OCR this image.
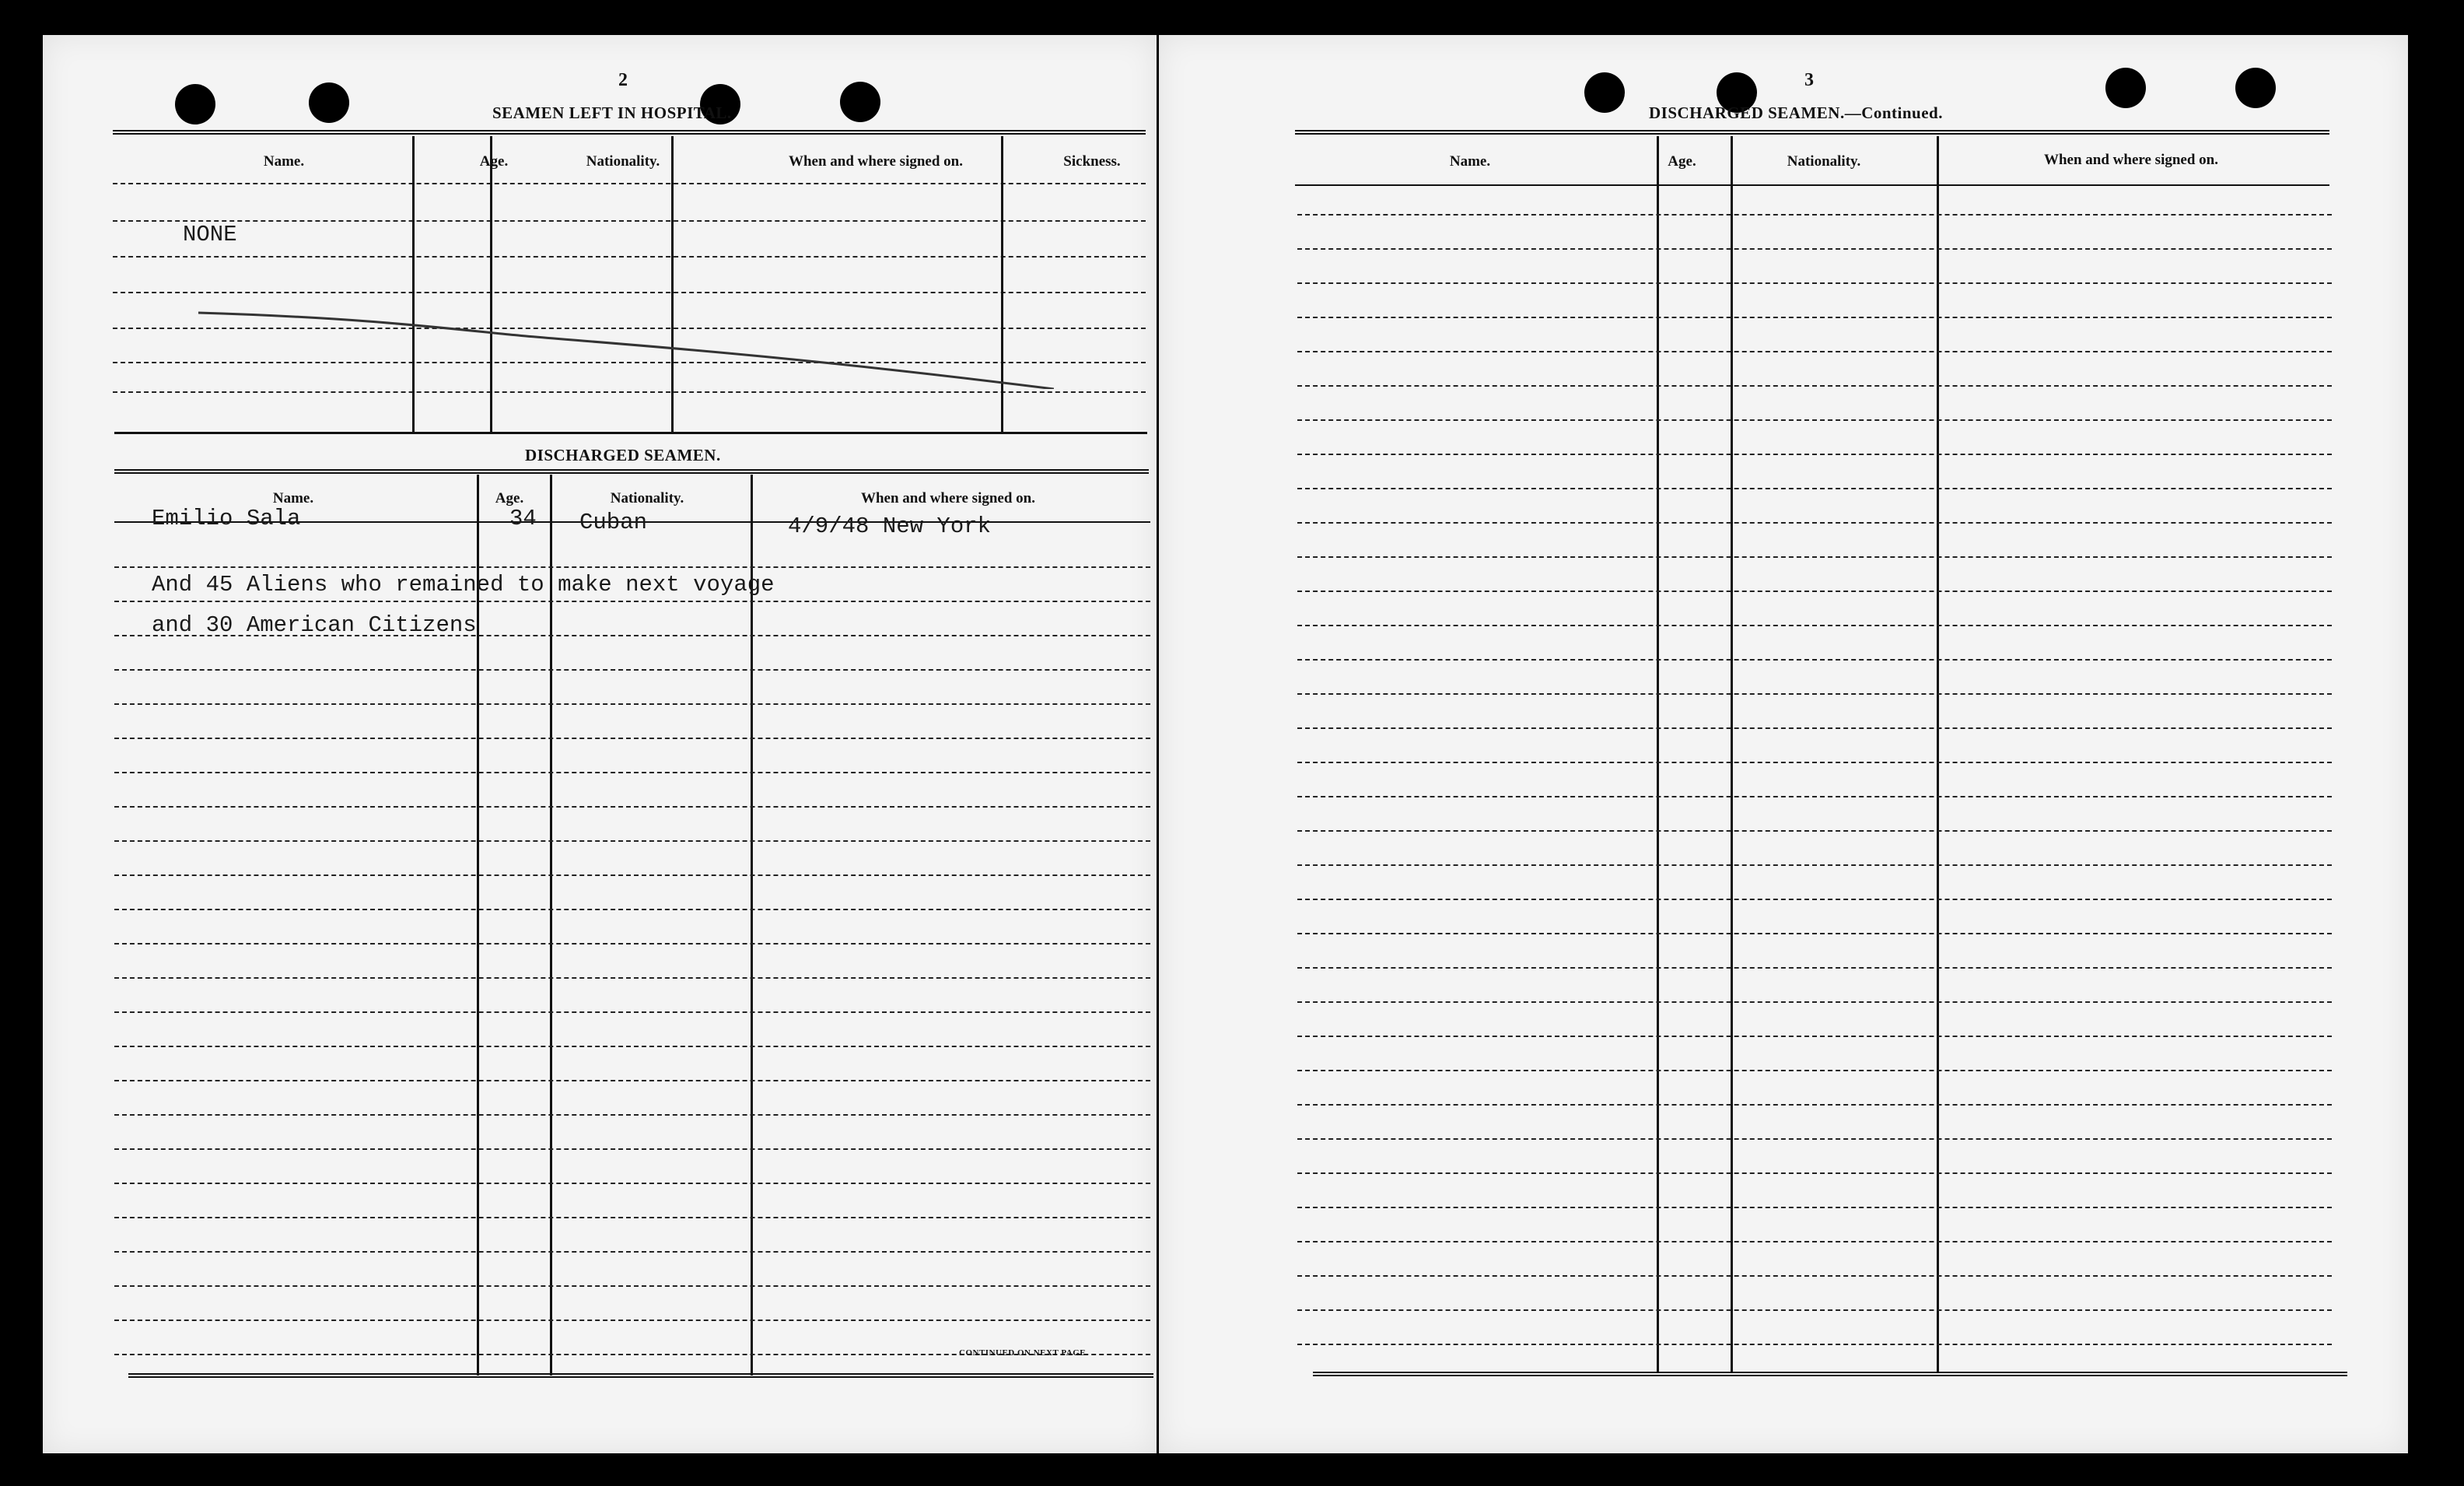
2
SEAMEN LEFT IN HOSPITAL.
Name.	Age.	Nationality.	When and where signed on.	Sickness.
NONE
DISCHARGED SEAMEN.
Name.	Age.	Nationality.	When and where signed on.
CONTINUED ON NEXT PAGE.
Emilio Sala	34 Cuban	4/9/48 New York
And 45 Aliens who remained to make next voyage
and 30 American Citizens
3
DISCHARGED SEAMEN.—Continued.
Name.	Age.	Nationality.	When and where signed on.
